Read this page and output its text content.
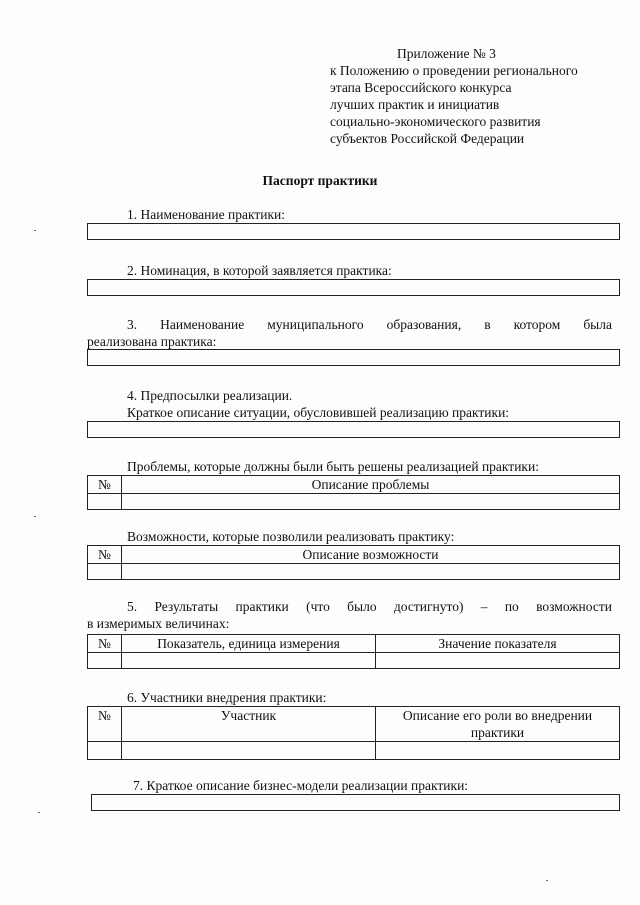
Приложение № 3
к Положению о проведении регионального
этапа Всероссийского конкурса
лучших практик и инициатив
социально-экономического развития
субъектов Российской Федерации
Паспорт практики
1. Наименование практики:
2. Номинация, в которой заявляется практика:
3. Наименование муниципального образования, в котором была
реализована практика:
4. Предпосылки реализации.
Краткое описание ситуации, обусловившей реализацию практики:
Проблемы, которые должны были быть решены реализацией практики:
№	Описание проблемы

Возможности, которые позволили реализовать практику:
№	Описание возможности

5. Результаты практики (что было достигнуто) – по возможности
в измеримых величинах:
№	Показатель, единица измерения	Значение показателя

6. Участники внедрения практики:
№	Участник	Описание его роли во внедрении практики

7. Краткое описание бизнес-модели реализации практики:
